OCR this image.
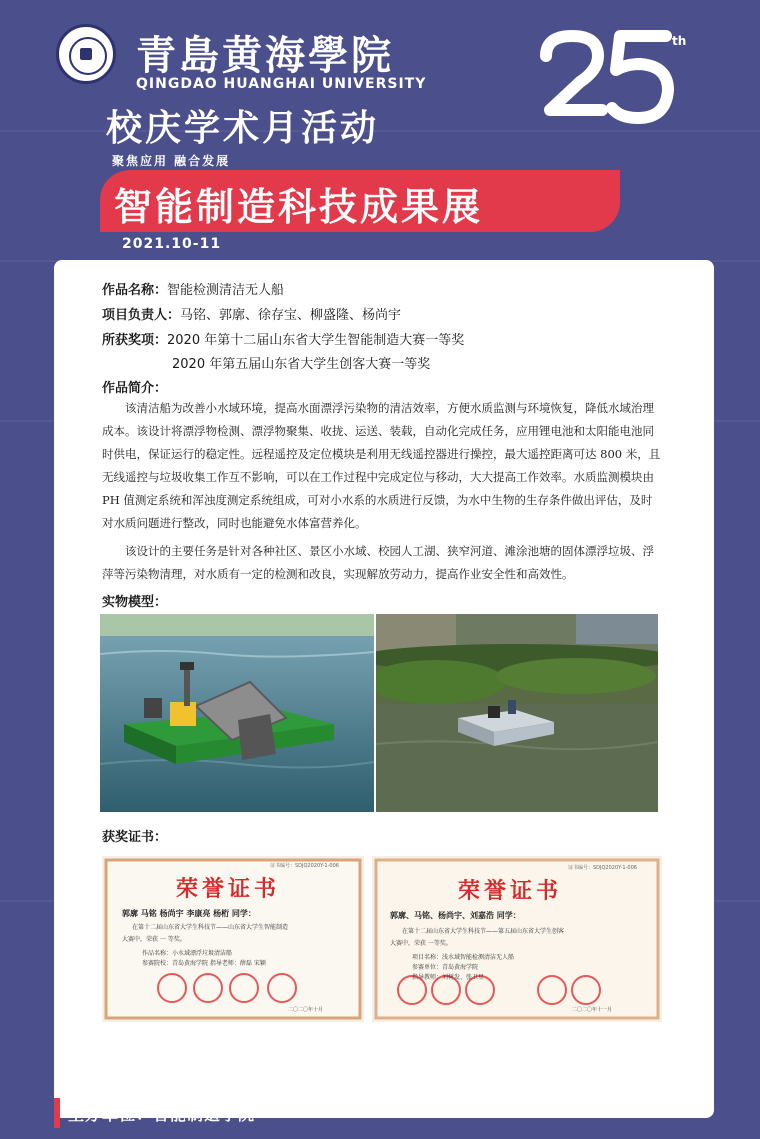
青島黄海學院
QINGDAO HUANGHAI UNIVERSITY
th
校庆学术月活动
聚焦应用 融合发展
智能制造科技成果展
2021.10-11
作品名称：智能检测清洁无人船
项目负责人：马铭、郭廓、徐存宝、柳盛隆、杨尚宇
所获奖项：2020 年第十二届山东省大学生智能制造大赛一等奖
2020 年第五届山东省大学生创客大赛一等奖
作品简介：

该清洁船为改善小水域环境，提高水面漂浮污染物的清洁效率，方便水质监测与环境恢复，降低水域治理成本。该设计将漂浮物检测、漂浮物聚集、收拢、运送、装载，自动化完成任务，应用锂电池和太阳能电池同时供电，保证运行的稳定性。远程遥控及定位模块是利用无线遥控器进行操控，最大遥控距离可达 800 米，且无线遥控与垃圾收集工作互不影响，可以在工作过程中完成定位与移动，大大提高工作效率。水质监测模块由 PH 值测定系统和浑浊度测定系统组成，可对小水系的水质进行反馈，为水中生物的生存条件做出评估，及时对水质问题进行整改，同时也能避免水体富营养化。

该设计的主要任务是针对各种社区、景区小水域、校园人工湖、狭窄河道、滩涂池塘的固体漂浮垃圾、浮萍等污染物清理，对水质有一定的检测和改良，实现解放劳动力，提高作业安全性和高效性。

实物模型：
获奖证书：
荣誉证书
证书编号：SDJQ2020Y-1-006
郭廓 马铭 杨尚宇 李康亮 杨桁 同学：
在第十二届山东省大学生科技节——山东省大学生智能制造
大赛中，荣获 一 等奖。
作品名称：小水域漂浮垃圾清洁船
参赛院校：青岛黄海学院 指导老师：薛磊 宋颖
二〇二〇年十月
荣誉证书
证书编号：SDJQ2020Y-1-006
郭廓、马铭、杨尚宇、刘嘉浩 同学：
在第十二届山东省大学生科技节——第五届山东省大学生创客
大赛中，荣获 一等奖。
项目名称：浅水域智能检测清洁无人船
参赛单位：青岛黄海学院
指导教师：刘树发、张卫星
二〇二〇年十一月
主办单位：智能制造学院
